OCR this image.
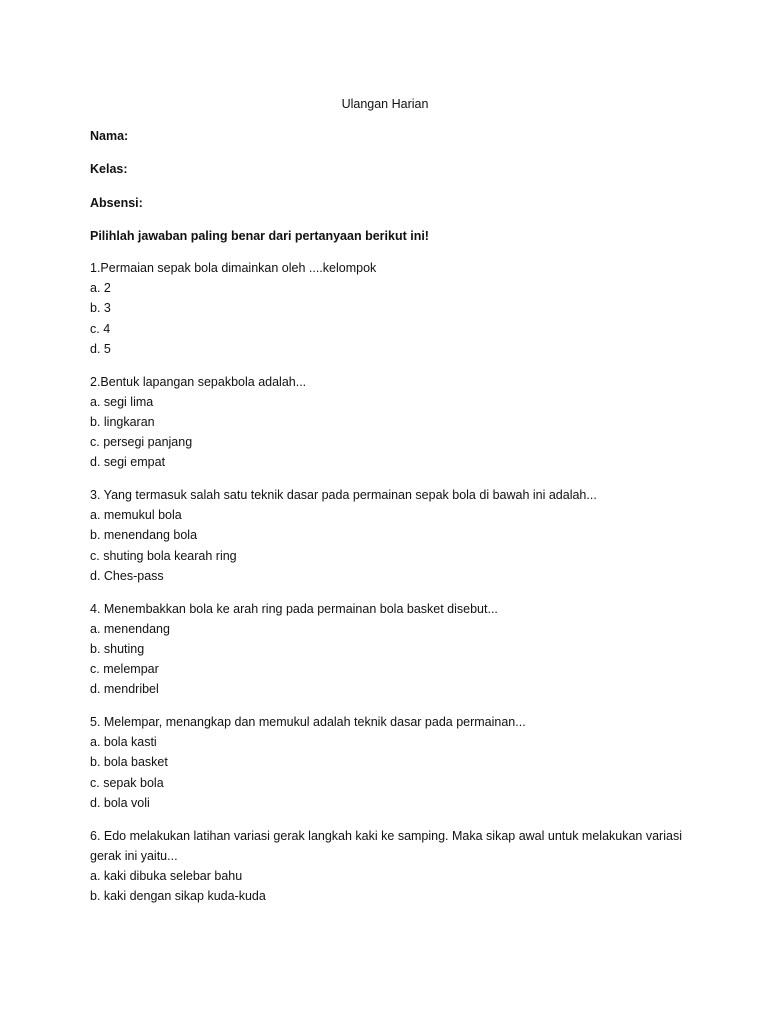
Ulangan Harian
Nama:
Kelas:
Absensi:
Pilihlah jawaban paling benar dari pertanyaan berikut ini!
1.Permaian sepak bola dimainkan oleh ....kelompok
a. 2
b. 3
c. 4
d. 5
2.Bentuk lapangan sepakbola adalah...
a. segi lima
b. lingkaran
c. persegi panjang
d. segi empat
3. Yang termasuk salah satu teknik dasar pada permainan sepak bola di bawah ini adalah...
a. memukul bola
b. menendang bola
c. shuting bola kearah ring
d. Ches-pass
4. Menembakkan bola ke arah ring pada permainan bola basket disebut...
a. menendang
b. shuting
c. melempar
d. mendribel
5. Melempar, menangkap dan memukul adalah teknik dasar pada permainan...
a. bola kasti
b. bola basket
c. sepak bola
d. bola voli
6. Edo melakukan latihan variasi gerak langkah kaki ke samping. Maka sikap awal untuk melakukan variasi gerak ini yaitu...
a. kaki dibuka selebar bahu
b. kaki dengan sikap kuda-kuda
